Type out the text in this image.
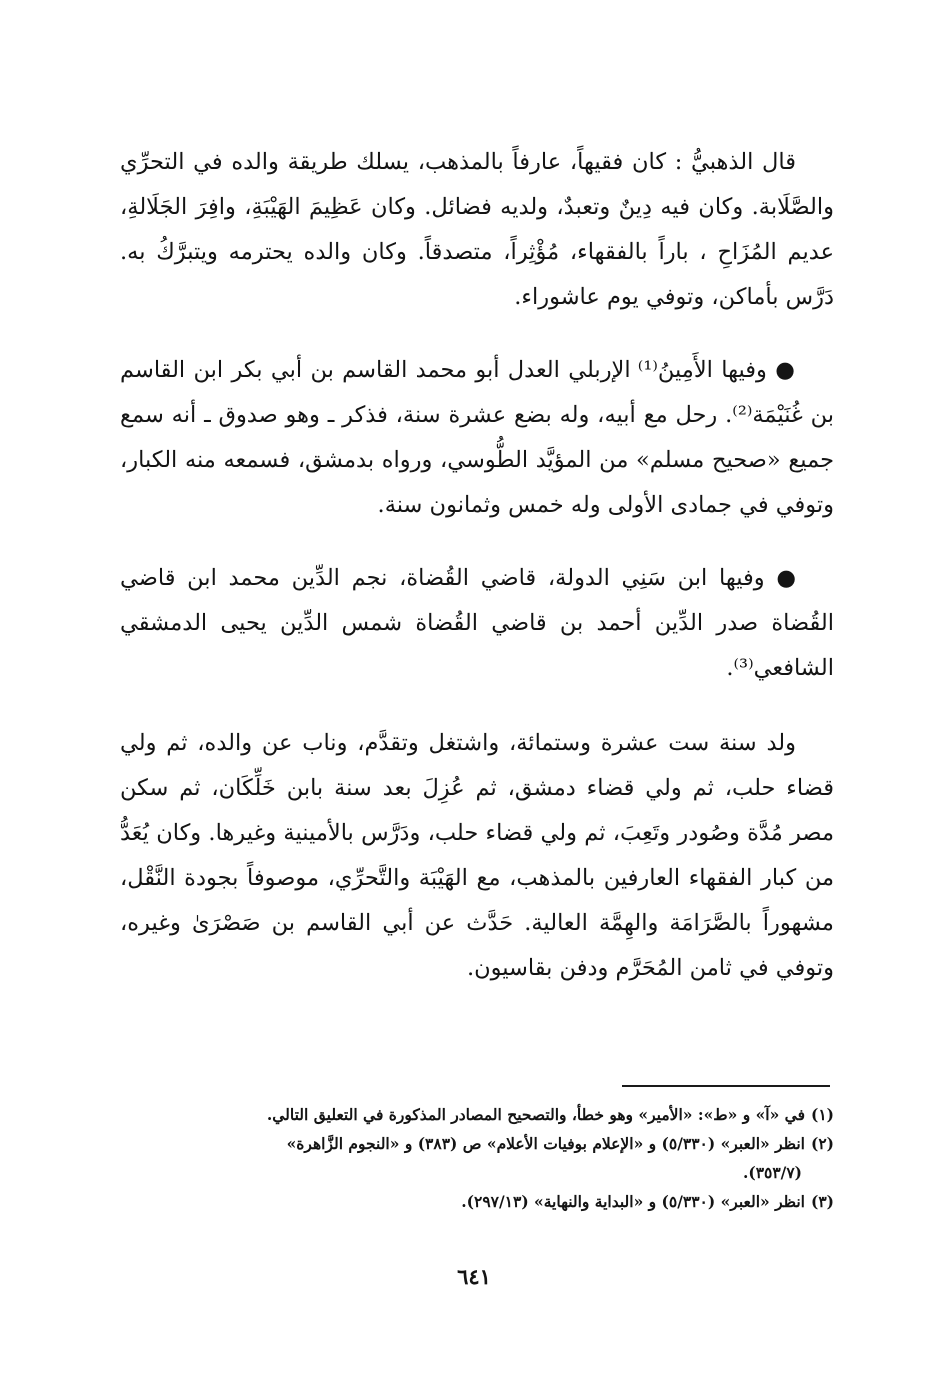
قال الذهبيُّ : كان فقيهاً، عارفاً بالمذهب، يسلك طريقة والده في التحرِّي والصَّلَابة. وكان فيه دِينٌ وتعبدٌ، ولديه فضائل. وكان عَظِيمَ الهَيْبَةِ، وافِرَ الجَلَالةِ، عديم المُزَاحِ ، باراً بالفقهاء، مُؤْثِراً، متصدقاً. وكان والده يحترمه ويتبرَّكُ به. دَرَّس بأماكن، وتوفي يوم عاشوراء.

● وفيها الأَمِينُ⁽¹⁾ الإربلي العدل أبو محمد القاسم بن أبي بكر ابن القاسم بن غُنَيْمَة⁽²⁾. رحل مع أبيه، وله بضع عشرة سنة، فذكر ـ وهو صدوق ـ أنه سمع جميع «صحيح مسلم» من المؤيَّد الطُّوسي، ورواه بدمشق، فسمعه منه الكبار، وتوفي في جمادى الأولى وله خمس وثمانون سنة.

● وفيها ابن سَنِي الدولة، قاضي القُضاة، نجم الدِّين محمد ابن قاضي القُضاة صدر الدِّين أحمد بن قاضي القُضاة شمس الدِّين يحيى الدمشقي الشافعي⁽³⁾.

ولد سنة ست عشرة وستمائة، واشتغل وتقدَّم، وناب عن والده، ثم ولي قضاء حلب، ثم ولي قضاء دمشق، ثم عُزِلَ بعد سنة بابن خَلِّكَان، ثم سكن مصر مُدَّة وصُودر وتَعِبَ، ثم ولي قضاء حلب، ودَرَّس بالأمينية وغيرها. وكان يُعَدُّ من كبار الفقهاء العارفين بالمذهب، مع الهَيْبَة والتَّحرِّي، موصوفاً بجودة النَّقْل، مشهوراً بالصَّرَامَة والهِمَّة العالية. حَدَّث عن أبي القاسم بن صَصْرَىٰ وغيره، وتوفي في ثامن المُحَرَّم ودفن بقاسيون.

(١)في «آ» و «ط»: «الأمير» وهو خطأ، والتصحيح المصادر المذكورة في التعليق التالي.

(٢)انظر «العبر» (٥/٣٣٠) و «الإعلام بوفيات الأعلام» ص (٣٨٣) و «النجوم الزَّاهرة»
(٣٥٣/٧).

(٣)انظر «العبر» (٥/٣٣٠) و «البداية والنهاية» (٢٩٧/١٣).

٦٤١
